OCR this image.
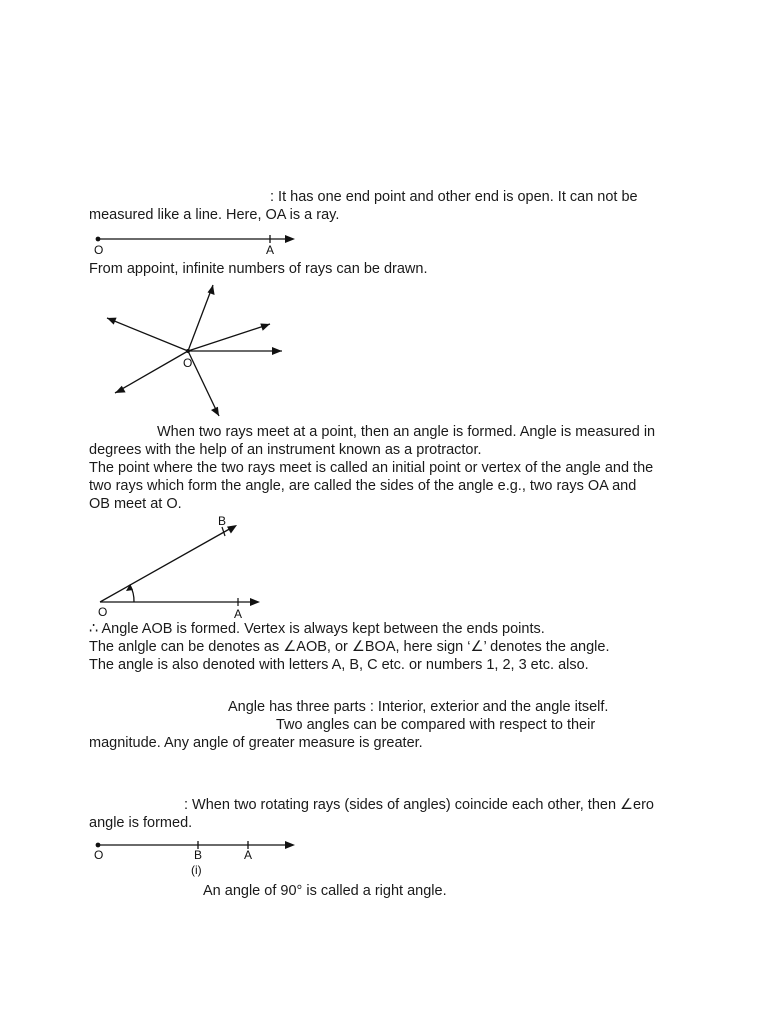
: It has one end point and other end is open. It can not be

measured like a line. Here, OA is a ray.

O	A

From appoint, infinite numbers of rays can be drawn.

O

When two rays meet at a point, then an angle is formed. Angle is measured in

degrees with the help of an instrument known as a protractor.

The point where the two rays meet is called an initial point or vertex of the angle and the

two rays which form the angle, are called the sides of the angle e.g., two rays OA and

OB meet at O.

O	A
B

∴ Angle AOB is formed. Vertex is always kept between the ends points.

The anlgle can be denotes as ∠AOB, or ∠BOA, here sign ‘∠’ denotes the angle.

The angle is also denoted with letters A, B, C etc. or numbers 1, 2, 3 etc. also.

Angle has three parts : Interior, exterior and the angle itself.

Two angles can be compared with respect to their

magnitude. Any angle of greater measure is greater.

: When two rotating rays (sides of angles) coincide each other, then ∠ero

angle is formed.

O	B	A
(i)

An angle of 90° is called a right angle.
